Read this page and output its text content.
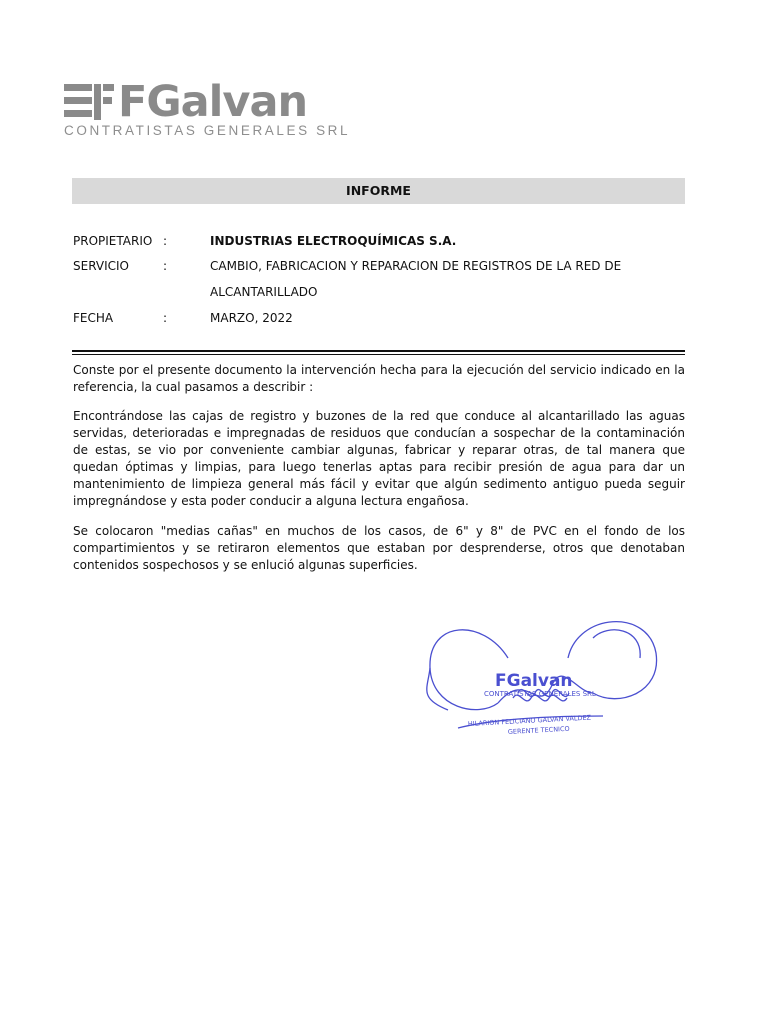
FGalvan
CONTRATISTAS GENERALES SRL
INFORME
PROPIETARIO :	INDUSTRIAS ELECTROQUÍMICAS S.A.
SERVICIO	:	CAMBIO, FABRICACION Y REPARACION DE REGISTROS DE LA RED DE
ALCANTARILLADO
FECHA	:	MARZO, 2022

Conste por el presente documento la intervención hecha para la ejecución del servicio indicado en la referencia, la cual pasamos a describir :

Encontrándose las cajas de registro y buzones de la red que conduce al alcantarillado las aguas servidas, deterioradas e impregnadas de residuos que conducían a sospechar de la contaminación de estas, se vio por conveniente cambiar algunas, fabricar y reparar otras, de tal manera que quedan óptimas y limpias, para luego tenerlas aptas para recibir presión de agua para dar un mantenimiento de limpieza general más fácil y evitar que algún sedimento antiguo pueda seguir impregnándose y esta poder conducir a alguna lectura engañosa.

Se colocaron "medias cañas" en muchos de los casos, de 6" y 8" de PVC en el fondo de los compartimientos y se retiraron elementos que estaban por desprenderse, otros que denotaban contenidos sospechosos y se enlució algunas superficies.

FGalvan
CONTRATISTAS GENERALES SRL
HILARION FELICIANO GALVAN VALDEZ
GERENTE TECNICO
